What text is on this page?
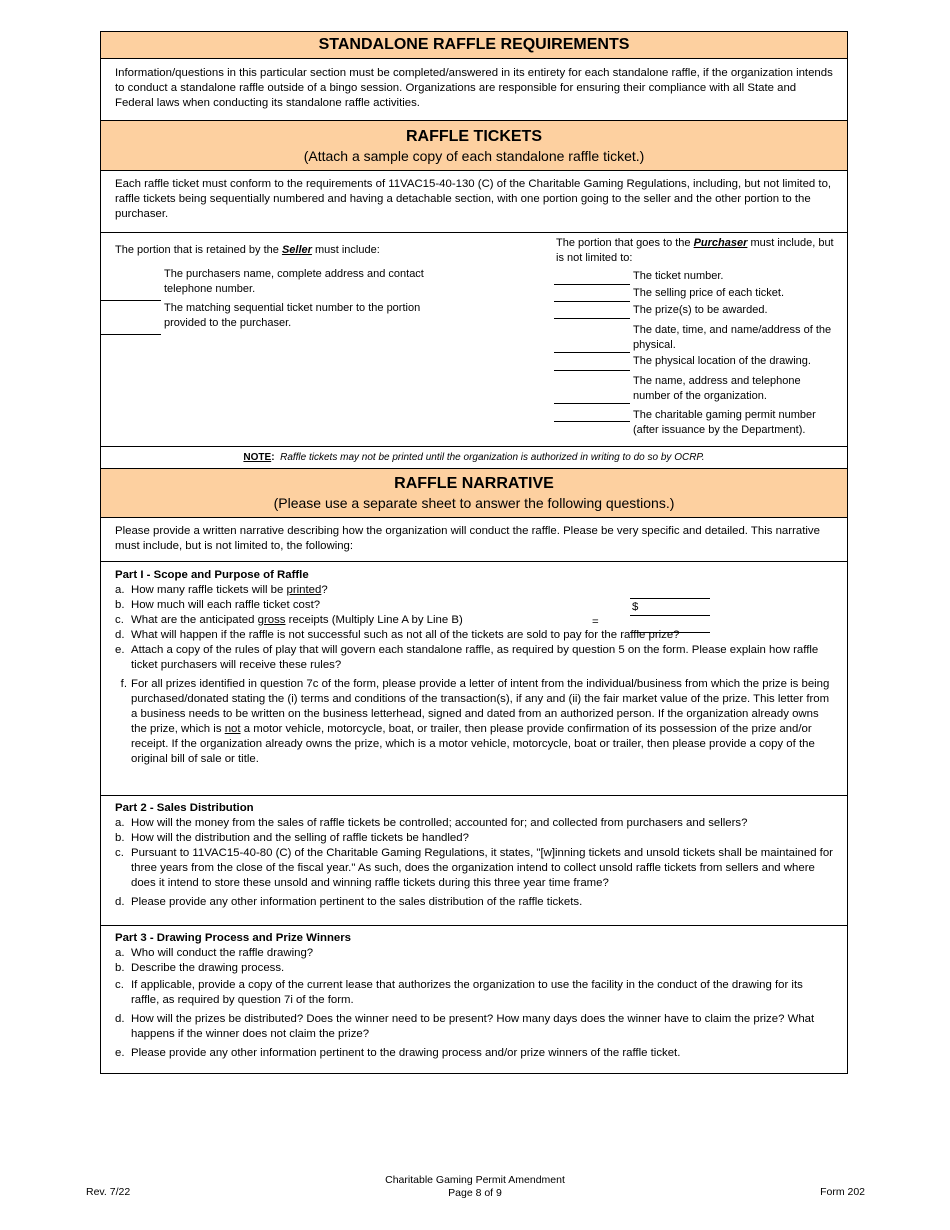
STANDALONE RAFFLE REQUIREMENTS
Information/questions in this particular section must be completed/answered in its entirety for each standalone raffle, if the organization intends to conduct a standalone raffle outside of a bingo session. Organizations are responsible for ensuring their compliance with all State and Federal laws when conducting its standalone raffle activities.
RAFFLE TICKETS
(Attach a sample copy of each standalone raffle ticket.)
Each raffle ticket must conform to the requirements of 11VAC15-40-130 (C) of the Charitable Gaming Regulations, including, but not limited to, raffle tickets being sequentially numbered and having a detachable section, with one portion going to the seller and the other portion to the purchaser.
The portion that is retained by the Seller must include:
The purchasers name, complete address and contact telephone number.
The matching sequential ticket number to the portion provided to the purchaser.
The portion that goes to the Purchaser must include, but is not limited to:
The ticket number.
The selling price of each ticket.
The prize(s) to be awarded.
The date, time, and name/address of the physical.
The physical location of the drawing.
The name, address and telephone number of the organization.
The charitable gaming permit number (after issuance by the Department).
NOTE: Raffle tickets may not be printed until the organization is authorized in writing to do so by OCRP.
RAFFLE NARRATIVE
(Please use a separate sheet to answer the following questions.)
Please provide a written narrative describing how the organization will conduct the raffle. Please be very specific and detailed. This narrative must include, but is not limited to, the following:
Part I - Scope and Purpose of Raffle
a. How many raffle tickets will be printed?
b. How much will each raffle ticket cost?
c. What are the anticipated gross receipts (Multiply Line A by Line B)
d. What will happen if the raffle is not successful such as not all of the tickets are sold to pay for the raffle prize?
e. Attach a copy of the rules of play that will govern each standalone raffle, as required by question 5 on the form. Please explain how raffle ticket purchasers will receive these rules?
f. For all prizes identified in question 7c of the form, please provide a letter of intent from the individual/business from which the prize is being purchased/donated stating the (i) terms and conditions of the transaction(s), if any and (ii) the fair market value of the prize. This letter from a business needs to be written on the business letterhead, signed and dated from an authorized person. If the organization already owns the prize, which is not a motor vehicle, motorcycle, boat, or trailer, then please provide confirmation of its possession of the prize and/or receipt. If the organization already owns the prize, which is a motor vehicle, motorcycle, boat or trailer, then please provide a copy of the original bill of sale or title.
$
=
Part 2 - Sales Distribution
a. How will the money from the sales of raffle tickets be controlled; accounted for; and collected from purchasers and sellers?
b. How will the distribution and the selling of raffle tickets be handled?
c. Pursuant to 11VAC15-40-80 (C) of the Charitable Gaming Regulations, it states, "[w]inning tickets and unsold tickets shall be maintained for three years from the close of the fiscal year." As such, does the organization intend to collect unsold raffle tickets from sellers and where does it intend to store these unsold and winning raffle tickets during this three year time frame?
d. Please provide any other information pertinent to the sales distribution of the raffle tickets.
Part 3 - Drawing Process and Prize Winners
a. Who will conduct the raffle drawing?
b. Describe the drawing process.
c. If applicable, provide a copy of the current lease that authorizes the organization to use the facility in the conduct of the drawing for its raffle, as required by question 7i of the form.
d. How will the prizes be distributed? Does the winner need to be present? How many days does the winner have to claim the prize? What happens if the winner does not claim the prize?
e. Please provide any other information pertinent to the drawing process and/or prize winners of the raffle ticket.
Rev. 7/22
Charitable Gaming Permit Amendment
Page 8 of 9	Form 202
